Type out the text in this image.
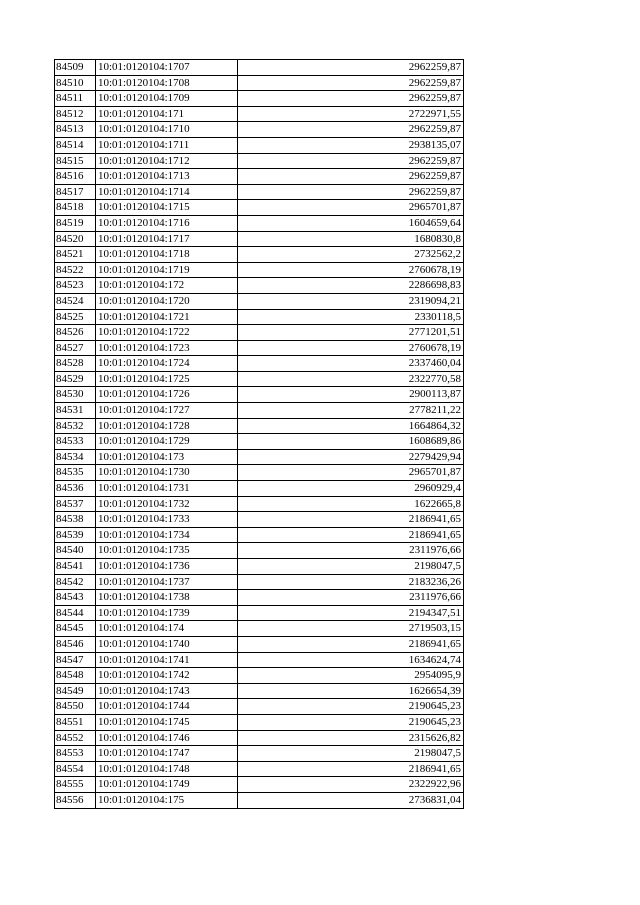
84509	10:01:0120104:1707	2962259,87
84510	10:01:0120104:1708	2962259,87
84511	10:01:0120104:1709	2962259,87
84512	10:01:0120104:171	2722971,55
84513	10:01:0120104:1710	2962259,87
84514	10:01:0120104:1711	2938135,07
84515	10:01:0120104:1712	2962259,87
84516	10:01:0120104:1713	2962259,87
84517	10:01:0120104:1714	2962259,87
84518	10:01:0120104:1715	2965701,87
84519	10:01:0120104:1716	1604659,64
84520	10:01:0120104:1717	1680830,8
84521	10:01:0120104:1718	2732562,2
84522	10:01:0120104:1719	2760678,19
84523	10:01:0120104:172	2286698,83
84524	10:01:0120104:1720	2319094,21
84525	10:01:0120104:1721	2330118,5
84526	10:01:0120104:1722	2771201,51
84527	10:01:0120104:1723	2760678,19
84528	10:01:0120104:1724	2337460,04
84529	10:01:0120104:1725	2322770,58
84530	10:01:0120104:1726	2900113,87
84531	10:01:0120104:1727	2778211,22
84532	10:01:0120104:1728	1664864,32
84533	10:01:0120104:1729	1608689,86
84534	10:01:0120104:173	2279429,94
84535	10:01:0120104:1730	2965701,87
84536	10:01:0120104:1731	2960929,4
84537	10:01:0120104:1732	1622665,8
84538	10:01:0120104:1733	2186941,65
84539	10:01:0120104:1734	2186941,65
84540	10:01:0120104:1735	2311976,66
84541	10:01:0120104:1736	2198047,5
84542	10:01:0120104:1737	2183236,26
84543	10:01:0120104:1738	2311976,66
84544	10:01:0120104:1739	2194347,51
84545	10:01:0120104:174	2719503,15
84546	10:01:0120104:1740	2186941,65
84547	10:01:0120104:1741	1634624,74
84548	10:01:0120104:1742	2954095,9
84549	10:01:0120104:1743	1626654,39
84550	10:01:0120104:1744	2190645,23
84551	10:01:0120104:1745	2190645,23
84552	10:01:0120104:1746	2315626,82
84553	10:01:0120104:1747	2198047,5
84554	10:01:0120104:1748	2186941,65
84555	10:01:0120104:1749	2322922,96
84556	10:01:0120104:175	2736831,04
